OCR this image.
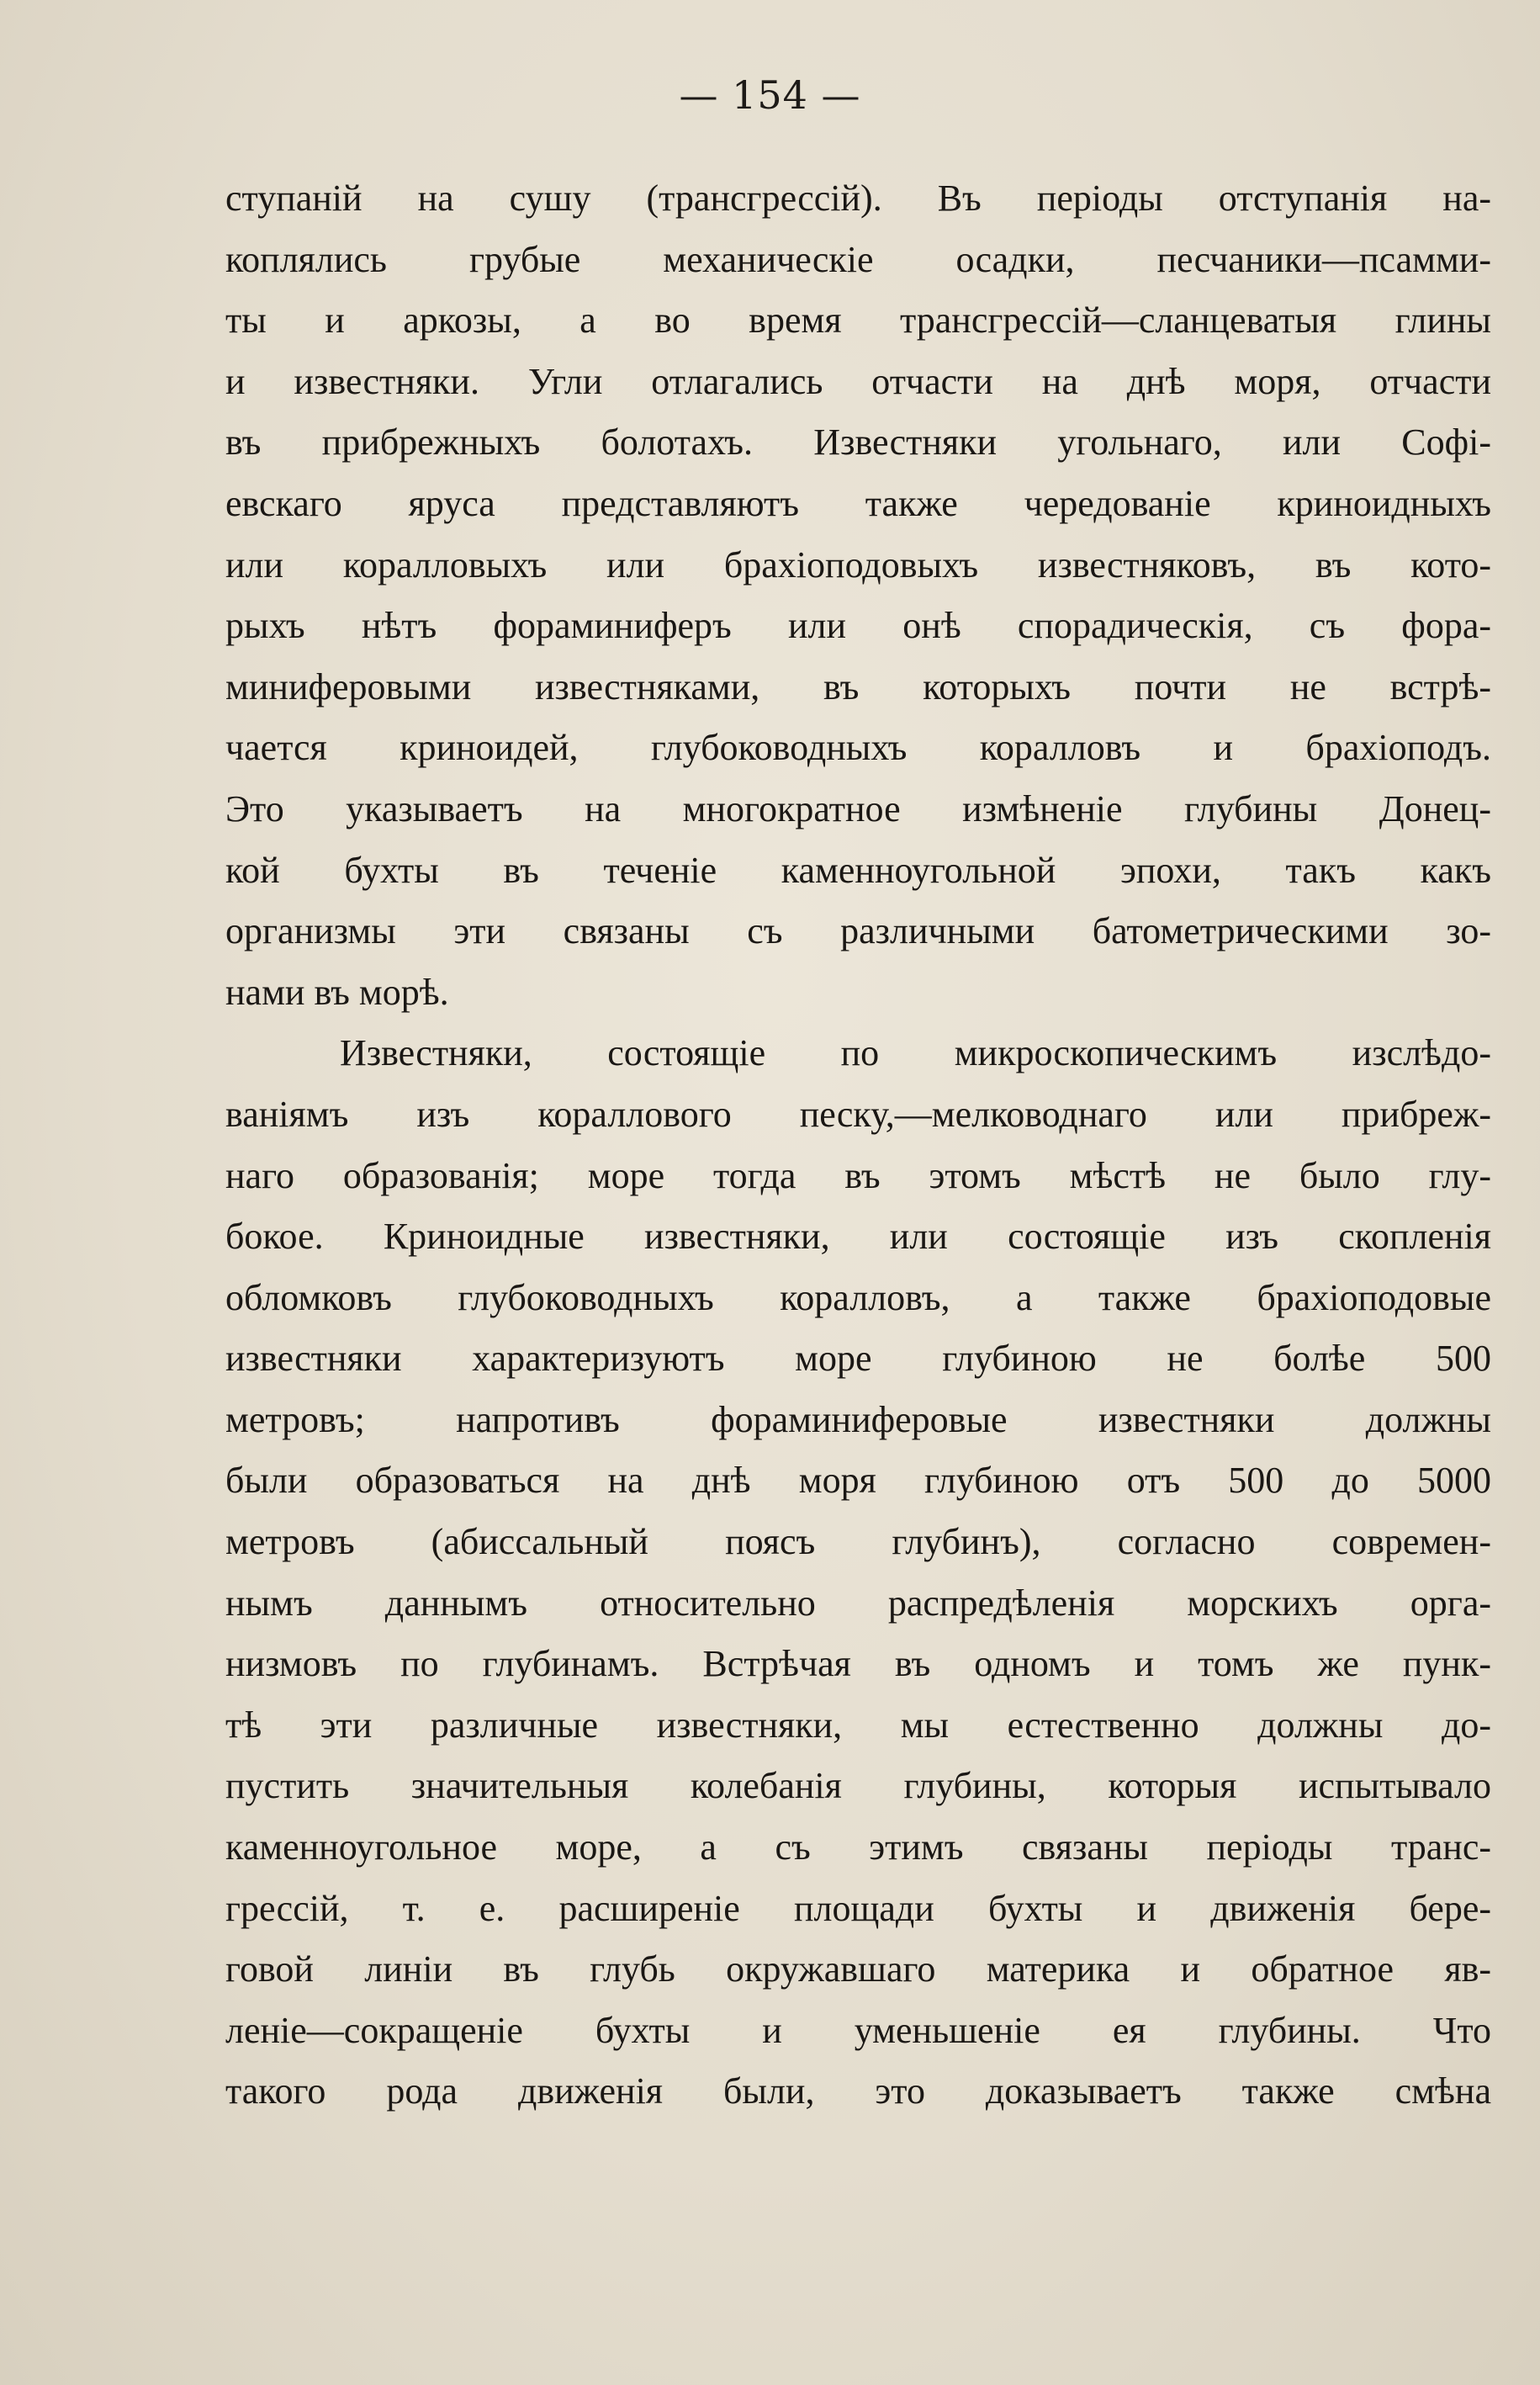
— 154 —
ступаній на сушу (трансгрессій). Въ періоды отступанія на-
коплялись грубые механическіе осадки, песчаники—псамми-
ты и аркозы, а во время трансгрессій—сланцеватыя глины
и известняки. Угли отлагались отчасти на днѣ моря, отчасти
въ прибрежныхъ болотахъ. Известняки угольнаго, или Софі-
евскаго яруса представляютъ также чередованіе криноидныхъ
или коралловыхъ или брахіоподовыхъ известняковъ, въ кото-
рыхъ нѣтъ фораминиферъ или онѣ спорадическія, съ фора-
миниферовыми известняками, въ которыхъ почти не встрѣ-
чается криноидей, глубоководныхъ коралловъ и брахіоподъ.
Это указываетъ на многократное измѣненіе глубины Донец-
кой бухты въ теченіе каменноугольной эпохи, такъ какъ
организмы эти связаны съ различными батометрическими зо-
нами въ морѣ.
Известняки, состоящіе по микроскопическимъ изслѣдо-
ваніямъ изъ кораллового песку,—мелководнаго или прибреж-
наго образованія; море тогда въ этомъ мѣстѣ не было глу-
бокое. Криноидные известняки, или состоящіе изъ скопленія
обломковъ глубоководныхъ коралловъ, а также брахіоподовые
известняки характеризуютъ море глубиною не болѣе 500
метровъ; напротивъ фораминиферовые известняки должны
были образоваться на днѣ моря глубиною отъ 500 до 5000
метровъ (абиссальный поясъ глубинъ), согласно современ-
нымъ даннымъ относительно распредѣленія морскихъ орга-
низмовъ по глубинамъ. Встрѣчая въ одномъ и томъ же пунк-
тѣ эти различные известняки, мы естественно должны до-
пустить значительныя колебанія глубины, которыя испытывало
каменноугольное море, а съ этимъ связаны періоды транс-
грессій, т. е. расширеніе площади бухты и движенія бере-
говой линіи въ глубь окружавшаго материка и обратное яв-
леніе—сокращеніе бухты и уменьшеніе ея глубины. Что
такого рода движенія были, это доказываетъ также смѣна
